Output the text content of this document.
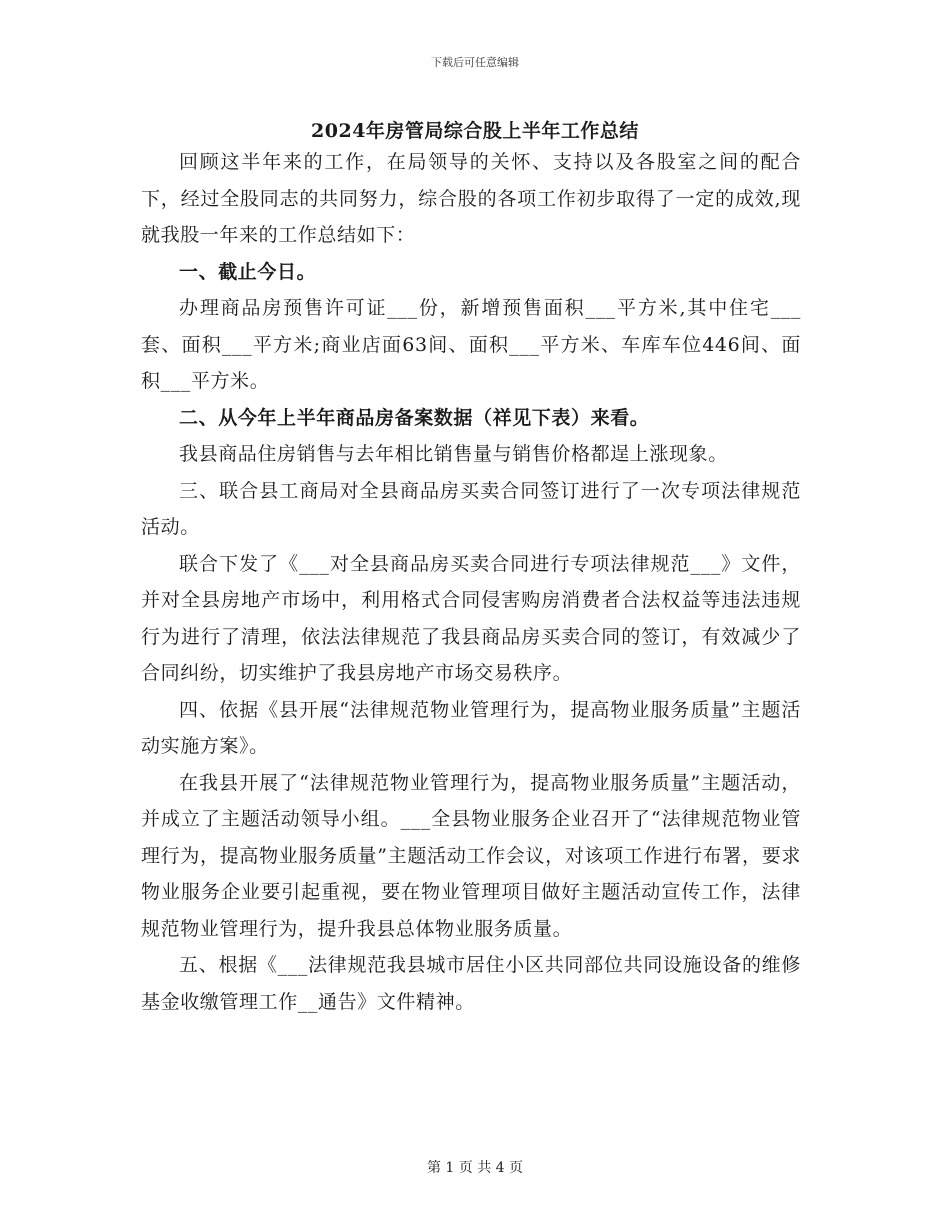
下载后可任意编辑
2024年房管局综合股上半年工作总结

回顾这半年来的工作，在局领导的关怀、支持以及各股室之间的配合下，经过全股同志的共同努力，综合股的各项工作初步取得了一定的成效,现就我股一年来的工作总结如下：

一、截止今日。

办理商品房预售许可证___份，新增预售面积___平方米,其中住宅___套、面积___平方米;商业店面63间、面积___平方米、车库车位446间、面积___平方米。

二、从今年上半年商品房备案数据（祥见下表）来看。

我县商品住房销售与去年相比销售量与销售价格都逞上涨现象。

三、联合县工商局对全县商品房买卖合同签订进行了一次专项法律规范活动。

联合下发了《___对全县商品房买卖合同进行专项法律规范___》文件，并对全县房地产市场中，利用格式合同侵害购房消费者合法权益等违法违规行为进行了清理，依法法律规范了我县商品房买卖合同的签订，有效减少了合同纠纷，切实维护了我县房地产市场交易秩序。

四、依据《县开展“法律规范物业管理行为，提高物业服务质量”主题活动实施方案》。

在我县开展了“法律规范物业管理行为，提高物业服务质量”主题活动，并成立了主题活动领导小组。___全县物业服务企业召开了“法律规范物业管理行为，提高物业服务质量”主题活动工作会议，对该项工作进行布署，要求物业服务企业要引起重视，要在物业管理项目做好主题活动宣传工作，法律规范物业管理行为，提升我县总体物业服务质量。

五、根据《___法律规范我县城市居住小区共同部位共同设施设备的维修基金收缴管理工作__通告》文件精神。

第 1 页 共 4 页
